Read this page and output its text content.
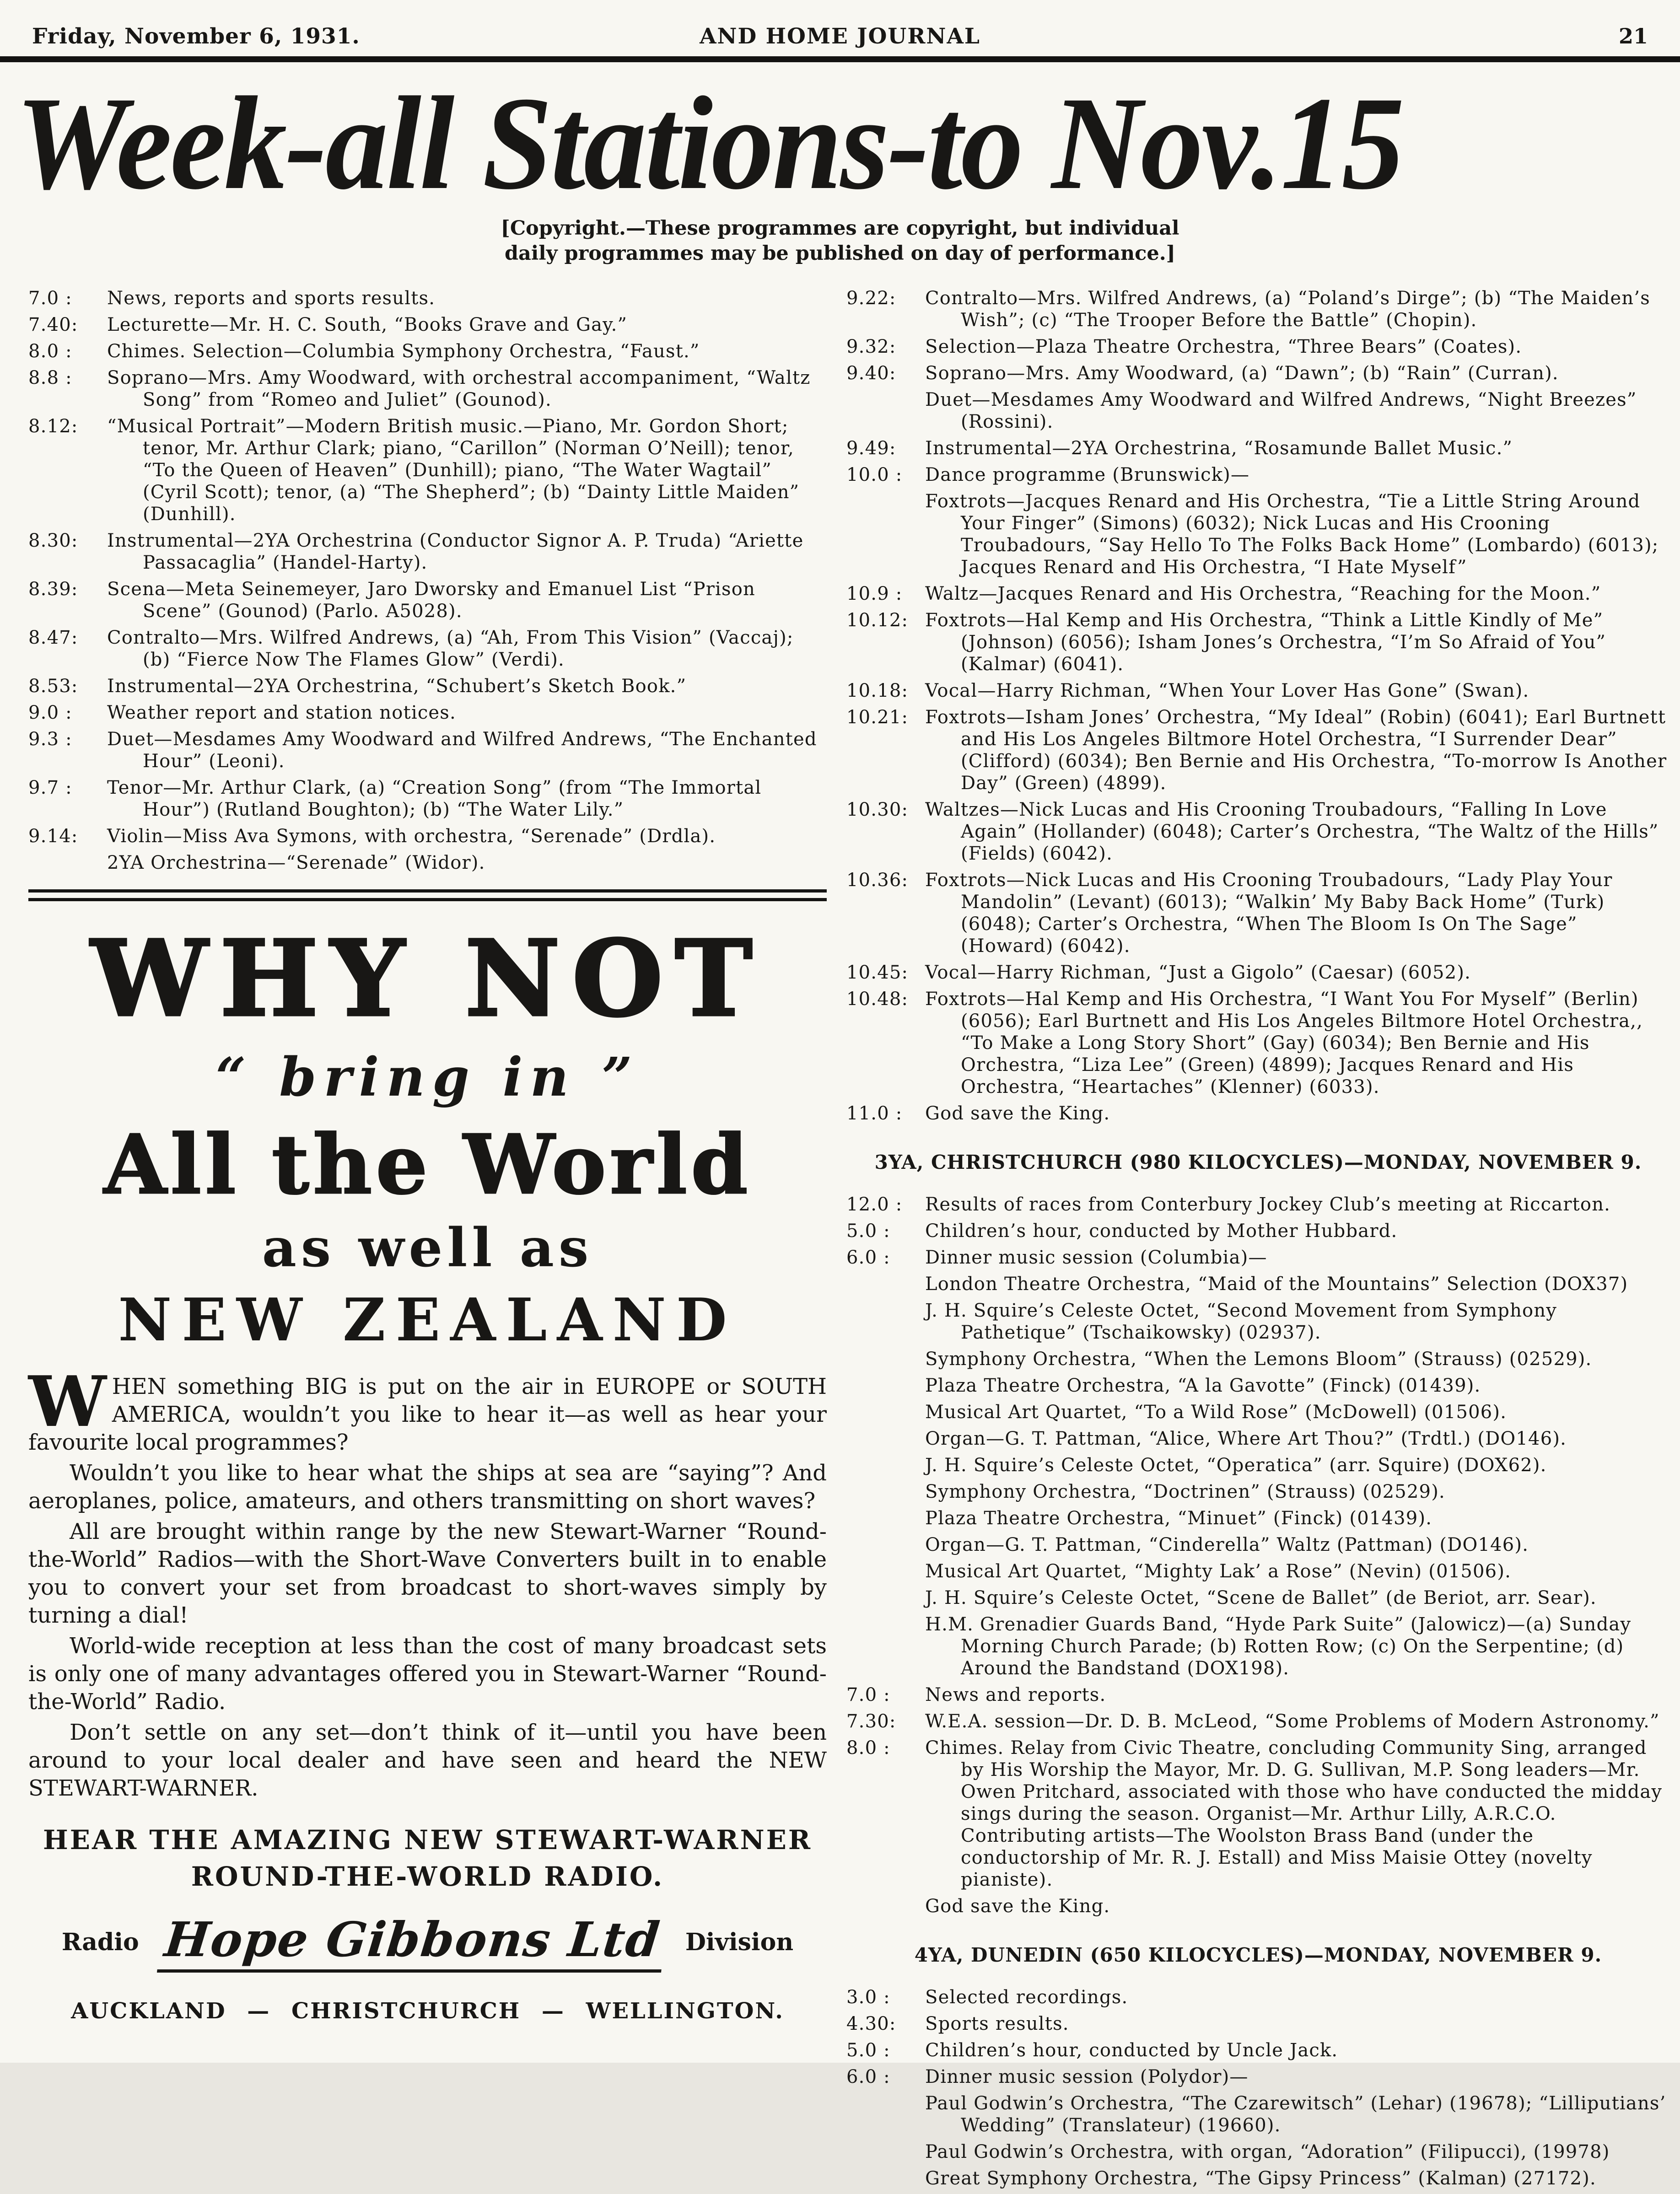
Friday, November 6, 1931.	AND HOME JOURNAL	21
Week-all Stations-to Nov.15
[Copyright.—These programmes are copyright, but individual
daily programmes may be published on day of performance.]
7.0 : News, reports and sports results.
7.40: Lecturette—Mr. H. C. South, “Books Grave and Gay.”
8.0 : Chimes. Selection—Columbia Symphony Orchestra, “Faust.”
8.8 : Soprano—Mrs. Amy Woodward, with orchestral accompaniment, “Waltz Song” from “Romeo and Juliet” (Gounod).
8.12: “Musical Portrait”—Modern British music.—Piano, Mr. Gordon Short; tenor, Mr. Arthur Clark; piano, “Carillon” (Norman O’Neill); tenor, “To the Queen of Heaven” (Dunhill); piano, “The Water Wagtail” (Cyril Scott); tenor, (a) “The Shepherd”; (b) “Dainty Little Maiden” (Dunhill).
8.30: Instrumental—2YA Orchestrina (Conductor Signor A. P. Truda) “Ariette Passacaglia” (Handel-Harty).
8.39: Scena—Meta Seinemeyer, Jaro Dworsky and Emanuel List “Prison Scene” (Gounod) (Parlo. A5028).
8.47: Contralto—Mrs. Wilfred Andrews, (a) “Ah, From This Vision” (Vaccaj); (b) “Fierce Now The Flames Glow” (Verdi).
8.53: Instrumental—2YA Orchestrina, “Schubert’s Sketch Book.”
9.0 : Weather report and station notices.
9.3 : Duet—Mesdames Amy Woodward and Wilfred Andrews, “The Enchanted Hour” (Leoni).
9.7 : Tenor—Mr. Arthur Clark, (a) “Creation Song” (from “The Immortal Hour”) (Rutland Boughton); (b) “The Water Lily.”
9.14: Violin—Miss Ava Symons, with orchestra, “Serenade” (Drdla).
2YA Orchestrina—“Serenade” (Widor).
WHY NOT
“ bring in ”
All the World
as well as
NEW ZEALAND

WHEN something BIG is put on the air in EUROPE or SOUTH AMERICA, wouldn’t you like to hear it—as well as hear your favourite local programmes?

Wouldn’t you like to hear what the ships at sea are “saying”? And aeroplanes, police, amateurs, and others transmitting on short waves?

All are brought within range by the new Stewart-Warner “Round-the-World” Radios—with the Short-Wave Converters built in to enable you to convert your set from broadcast to short-waves simply by turning a dial!

World-wide reception at less than the cost of many broadcast sets is only one of many advantages offered you in Stewart-Warner “Round-the-World” Radio.

Don’t settle on any set—don’t think of it—until you have been around to your local dealer and have seen and heard the NEW STEWART-WARNER.

HEAR THE AMAZING NEW STEWART-WARNER
ROUND-THE-WORLD RADIO.
Radio Hope Gibbons Ltd Division
AUCKLAND — CHRISTCHURCH — WELLINGTON.
9.22: Contralto—Mrs. Wilfred Andrews, (a) “Poland’s Dirge”; (b) “The Maiden’s Wish”; (c) “The Trooper Before the Battle” (Chopin).
9.32: Selection—Plaza Theatre Orchestra, “Three Bears” (Coates).
9.40: Soprano—Mrs. Amy Woodward, (a) “Dawn”; (b) “Rain” (Curran).
Duet—Mesdames Amy Woodward and Wilfred Andrews, “Night Breezes” (Rossini).
9.49: Instrumental—2YA Orchestrina, “Rosamunde Ballet Music.”
10.0 : Dance programme (Brunswick)—
Foxtrots—Jacques Renard and His Orchestra, “Tie a Little String Around Your Finger” (Simons) (6032); Nick Lucas and His Crooning Troubadours, “Say Hello To The Folks Back Home” (Lombardo) (6013); Jacques Renard and His Orchestra, “I Hate Myself”
10.9 : Waltz—Jacques Renard and His Orchestra, “Reaching for the Moon.”
10.12: Foxtrots—Hal Kemp and His Orchestra, “Think a Little Kindly of Me” (Johnson) (6056); Isham Jones’s Orchestra, “I’m So Afraid of You” (Kalmar) (6041).
10.18: Vocal—Harry Richman, “When Your Lover Has Gone” (Swan).
10.21: Foxtrots—Isham Jones’ Orchestra, “My Ideal” (Robin) (6041); Earl Burtnett and His Los Angeles Biltmore Hotel Orchestra, “I Surrender Dear” (Clifford) (6034); Ben Bernie and His Orchestra, “To-morrow Is Another Day” (Green) (4899).
10.30: Waltzes—Nick Lucas and His Crooning Troubadours, “Falling In Love Again” (Hollander) (6048); Carter’s Orchestra, “The Waltz of the Hills” (Fields) (6042).
10.36: Foxtrots—Nick Lucas and His Crooning Troubadours, “Lady Play Your Mandolin” (Levant) (6013); “Walkin’ My Baby Back Home” (Turk) (6048); Carter’s Orchestra, “When The Bloom Is On The Sage” (Howard) (6042).
10.45: Vocal—Harry Richman, “Just a Gigolo” (Caesar) (6052).
10.48: Foxtrots—Hal Kemp and His Orchestra, “I Want You For Myself” (Berlin) (6056); Earl Burtnett and His Los Angeles Biltmore Hotel Orchestra,, “To Make a Long Story Short” (Gay) (6034); Ben Bernie and His Orchestra, “Liza Lee” (Green) (4899); Jacques Renard and His Orchestra, “Heartaches” (Klenner) (6033).
11.0 : God save the King.
3YA, CHRISTCHURCH (980 KILOCYCLES)—MONDAY, NOVEMBER 9.
12.0 : Results of races from Conterbury Jockey Club’s meeting at Riccarton.
5.0 : Children’s hour, conducted by Mother Hubbard.
6.0 : Dinner music session (Columbia)—
London Theatre Orchestra, “Maid of the Mountains” Selection (DOX37)
J. H. Squire’s Celeste Octet, “Second Movement from Symphony Pathetique” (Tschaikowsky) (02937).
Symphony Orchestra, “When the Lemons Bloom” (Strauss) (02529).
Plaza Theatre Orchestra, “A la Gavotte” (Finck) (01439).
Musical Art Quartet, “To a Wild Rose” (McDowell) (01506).
Organ—G. T. Pattman, “Alice, Where Art Thou?” (Trdtl.) (DO146).
J. H. Squire’s Celeste Octet, “Operatica” (arr. Squire) (DOX62).
Symphony Orchestra, “Doctrinen” (Strauss) (02529).
Plaza Theatre Orchestra, “Minuet” (Finck) (01439).
Organ—G. T. Pattman, “Cinderella” Waltz (Pattman) (DO146).
Musical Art Quartet, “Mighty Lak’ a Rose” (Nevin) (01506).
J. H. Squire’s Celeste Octet, “Scene de Ballet” (de Beriot, arr. Sear).
H.M. Grenadier Guards Band, “Hyde Park Suite” (Jalowicz)—(a) Sunday Morning Church Parade; (b) Rotten Row; (c) On the Serpentine; (d) Around the Bandstand (DOX198).
7.0 : News and reports.
7.30: W.E.A. session—Dr. D. B. McLeod, “Some Problems of Modern Astronomy.”
8.0 : Chimes. Relay from Civic Theatre, concluding Community Sing, arranged by His Worship the Mayor, Mr. D. G. Sullivan, M.P. Song leaders—Mr. Owen Pritchard, associated with those who have conducted the midday sings during the season. Organist—Mr. Arthur Lilly, A.R.C.O. Contributing artists—The Woolston Brass Band (under the conductorship of Mr. R. J. Estall) and Miss Maisie Ottey (novelty pianiste).
God save the King.
4YA, DUNEDIN (650 KILOCYCLES)—MONDAY, NOVEMBER 9.
3.0 : Selected recordings.
4.30: Sports results.
5.0 : Children’s hour, conducted by Uncle Jack.
6.0 : Dinner music session (Polydor)—
Paul Godwin’s Orchestra, “The Czarewitsch” (Lehar) (19678); “Lilliputians’ Wedding” (Translateur) (19660).
Paul Godwin’s Orchestra, with organ, “Adoration” (Filipucci), (19978)
Great Symphony Orchestra, “The Gipsy Princess” (Kalman) (27172).
